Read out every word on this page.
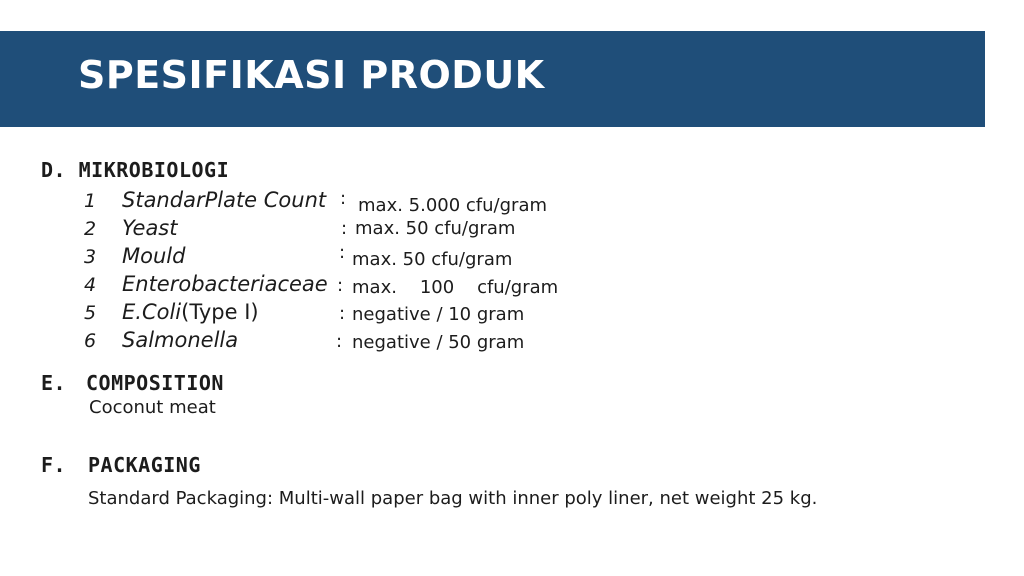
SPESIFIKASI PRODUK
D. MIKROBIOLOGI
1 StandarPlate Count : max. 5.000 cfu/gram
2 Yeast	: max. 50 cfu/gram
3 Mould	: max. 50 cfu/gram
4 Enterobacteriaceae : max.    100    cfu/gram
5 E.Coli(Type I)	: negative / 10 gram
6 Salmonella	: negative / 50 gram
E. COMPOSITION
Coconut meat
F. PACKAGING
Standard Packaging: Multi-wall paper bag with inner poly liner, net weight 25 kg.
